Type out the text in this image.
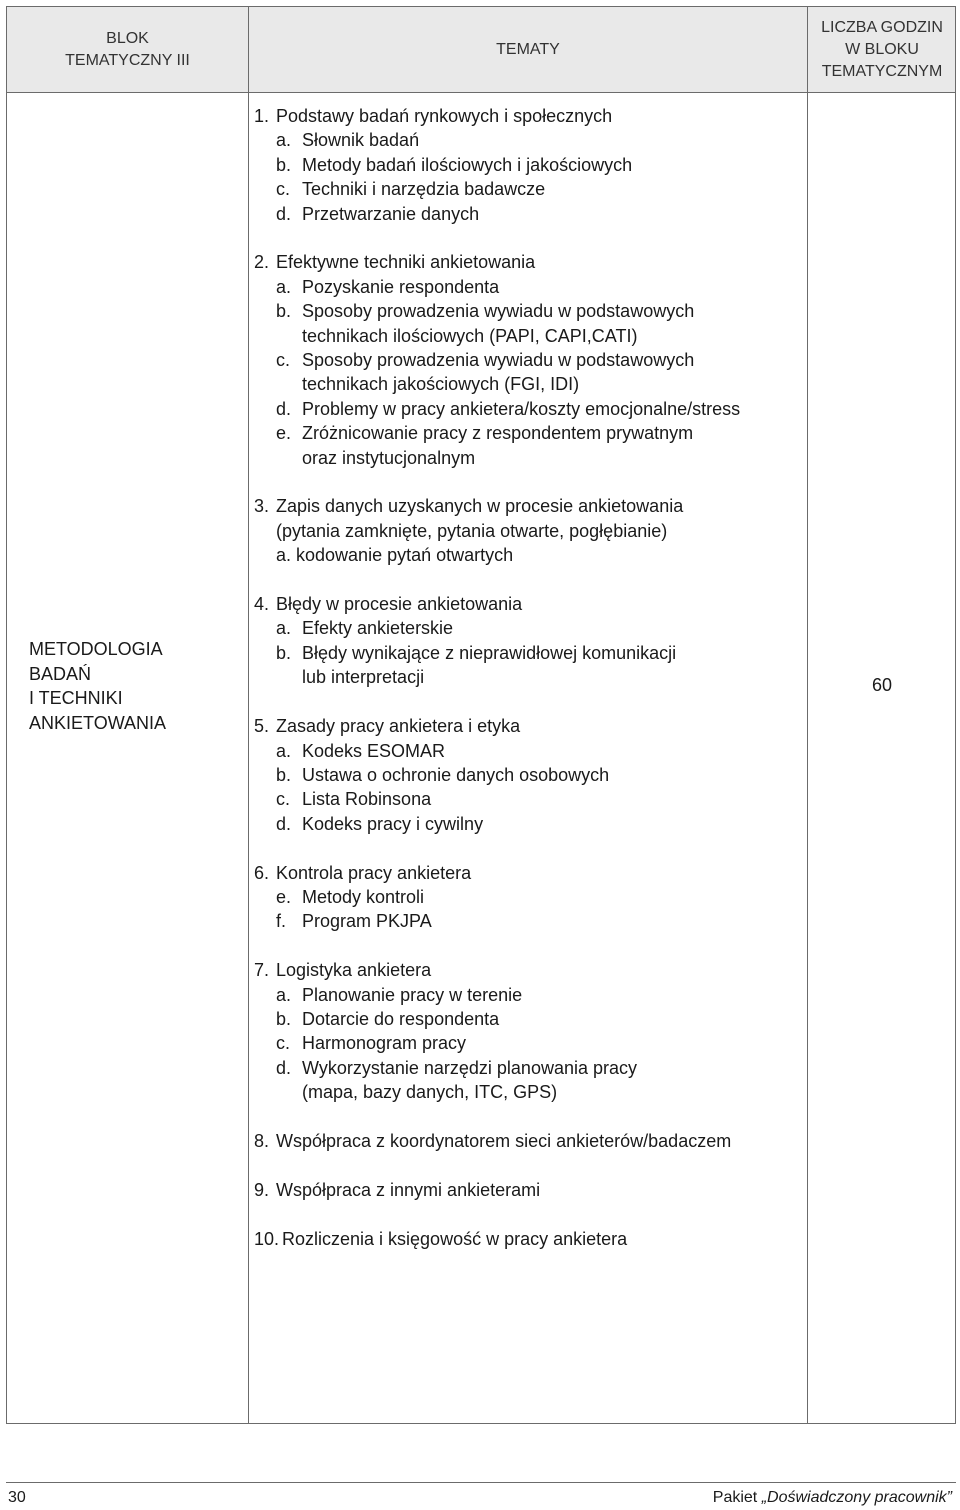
BLOK
TEMATYCZNY III
TEMATY
LICZBA GODZIN
W BLOKU
TEMATYCZNYM
METODOLOGIA
BADAŃ
I TECHNIKI
ANKIETOWANIA
60
1. Podstawy badań rynkowych i społecznych
a. Słownik badań
b. Metody badań ilościowych i jakościowych
c. Techniki i narzędzia badawcze
d. Przetwarzanie danych
2. Efektywne techniki ankietowania
a. Pozyskanie respondenta
b. Sposoby prowadzenia wywiadu w podstawowych
technikach ilościowych (PAPI, CAPI,CATI)
c. Sposoby prowadzenia wywiadu w podstawowych
technikach jakościowych (FGI, IDI)
d. Problemy w pracy ankietera/koszty emocjonalne/stress
e. Zróżnicowanie pracy z respondentem prywatnym
oraz instytucjonalnym
3. Zapis danych uzyskanych w procesie ankietowania
(pytania zamknięte, pytania otwarte, pogłębianie)
a. kodowanie pytań otwartych
4. Błędy w procesie ankietowania
a. Efekty ankieterskie
b. Błędy wynikające z nieprawidłowej komunikacji
lub interpretacji
5. Zasady pracy ankietera i etyka
a. Kodeks ESOMAR
b. Ustawa o ochronie danych osobowych
c. Lista Robinsona
d. Kodeks pracy i cywilny
6. Kontrola pracy ankietera
e. Metody kontroli
f. Program PKJPA
7. Logistyka ankietera
a. Planowanie pracy w terenie
b. Dotarcie do respondenta
c. Harmonogram pracy
d. Wykorzystanie narzędzi planowania pracy
(mapa, bazy danych, ITC, GPS)
8. Współpraca z koordynatorem sieci ankieterów/badaczem
9. Współpraca z innymi ankieterami
10. Rozliczenia i księgowość w pracy ankietera
30	Pakiet „Doświadczony pracownik”
